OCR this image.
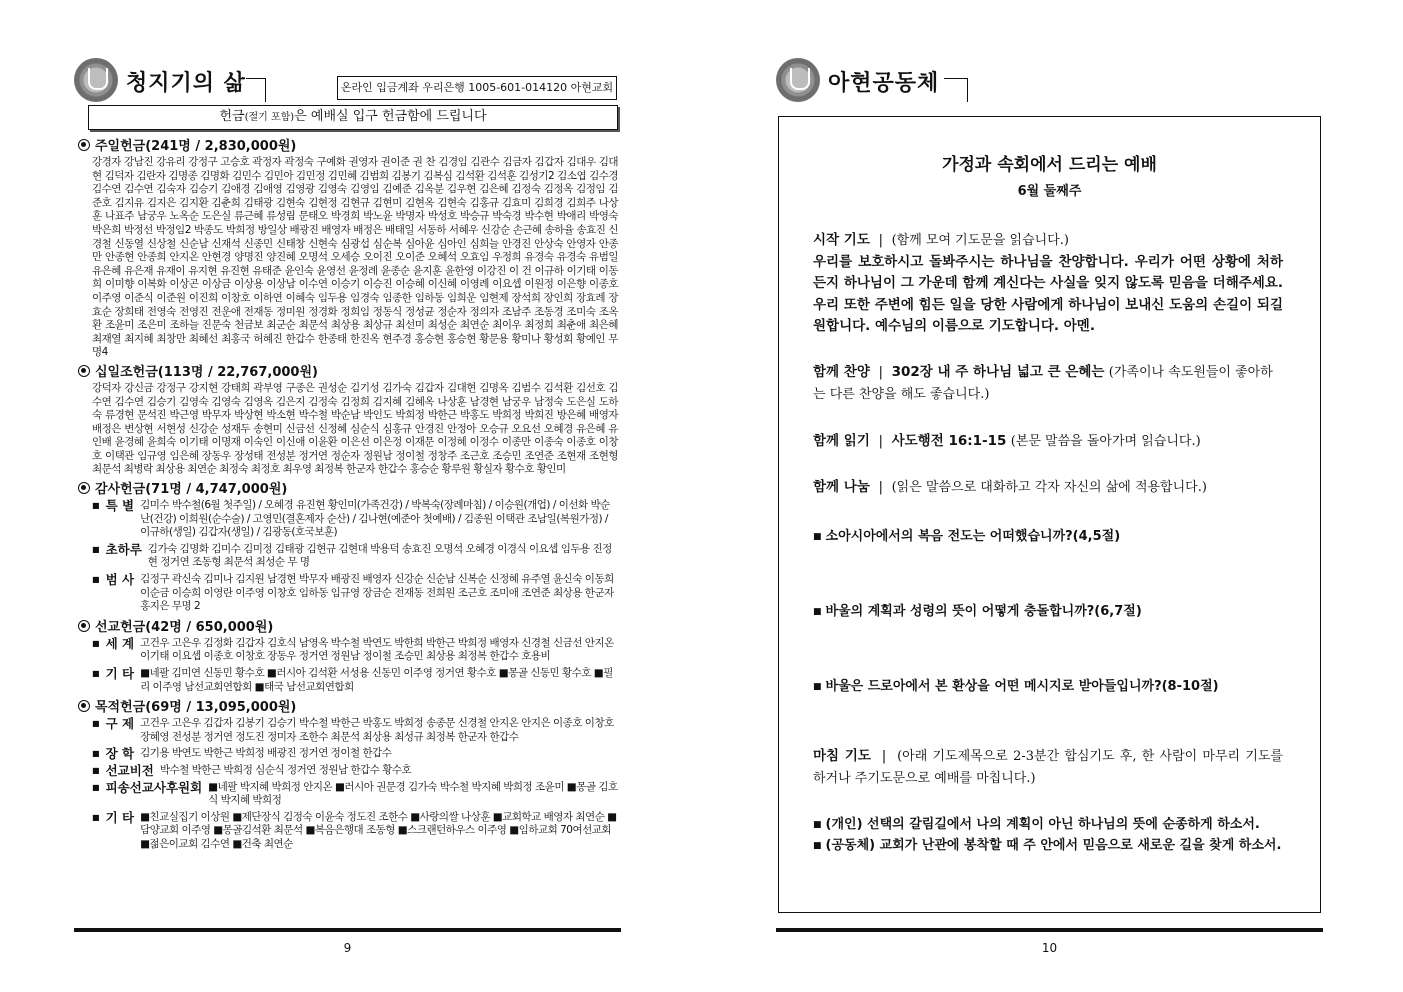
청지기의 삶	온라인 입금계좌 우리은행 1005-601-014120 아현교회
헌금(절기 포함)은 예배실 입구 헌금함에 드립니다
주일헌금(241명 / 2,830,000원)
강경자 강남진 강유리 강정구 고승호 곽정자 곽정숙 구예화 권영자 권이준 권 찬 김경임 김관수 김금자 김갑자 김대우 김대현 김덕자 김란자 김명종 김명화 김민수 김민아 김민정 김민혜 김범희 김봉기 김복심 김석환 김석훈 김성기2 김소엽 김수경 김수연 김수연 김숙자 김승기 김애경 김애영 김영광 김영숙 김영임 김예준 김옥분 김우현 김은혜 김정숙 김정옥 김정임 김준호 김지유 김지은 김지환 김춘희 김태광 김현숙 김현정 김현규 김현미 김현옥 김현숙 김홍규 김효미 김희경 김희주 나상훈 나표주 남궁우 노옥순 도은실 류근혜 류성림 문태오 박경희 박노윤 박명자 박성호 박승규 박숙경 박수현 박애리 박영숙 박은희 박정선 박정임2 박종도 박희정 방일상 배광진 배영자 배정은 배태일 서동하 서혜우 신강순 손근혜 송하율 송효진 신경철 신동열 신상철 신순남 신재석 신종민 신태창 신현숙 심광섭 심순복 심아윤 심아인 심희늘 안경진 안상숙 안영자 안종만 안종현 안종희 안지온 안현경 양명진 양진혜 오명석 오세승 오이진 오이준 오혜석 오효임 우정희 유경숙 유경숙 유범일 유은혜 유은재 유재이 유지현 유진현 유태준 윤인숙 윤영선 윤정례 윤종순 윤지훈 윤한영 이강진 이 건 이규하 이기태 이동희 이미향 이복화 이상곤 이상금 이상용 이상남 이수연 이승기 이승진 이승혜 이신혜 이영례 이요셉 이원정 이은향 이종호 이주영 이준식 이준원 이진희 이창호 이하연 이혜숙 임두용 임경숙 임종한 임하동 임희운 임현제 장석희 장인희 장효례 장효순 장희태 전영숙 전영진 전운애 전재동 정미원 정경화 정희임 정동식 정성균 정순자 정의자 조남주 조동경 조미숙 조옥환 조윤미 조은미 조하늘 진문숙 천금보 최군순 최문석 최상용 최상규 최선미 최성순 최연순 최이우 최정희 최춘애 최은혜 최재열 최지혜 최창만 최혜선 최홍국 허혜진 한갑수 한종태 한진옥 현주경 홍승현 홍승현 황문용 황미나 황성회 황예인 무명4
십일조헌금(113명 / 22,767,000원)
강덕자 강신금 강정구 강지현 강태희 곽부영 구종은 권성순 김기성 김가숙 김갑자 김대현 김명옥 김범수 김석환 김선호 김수연 김수연 김승기 김영숙 김영숙 김영옥 김은지 김정숙 김정희 김지혜 김혜옥 나상훈 남경현 남궁우 남정숙 도은실 도하숙 류경현 문석진 박근영 박무자 박상현 박소현 박수철 박순남 박인도 박희정 박한근 박홍도 박희정 박희진 방은혜 배영자 배정은 변상현 서현성 신강순 성재두 송현미 신금선 신정혜 심순식 심홍규 안경진 안정아 오승규 오요선 오혜경 유은혜 유인배 윤경혜 윤희숙 이기태 이명재 이숙인 이신애 이윤환 이은선 이은정 이재문 이정혜 이정수 이종만 이종숙 이종호 이창호 이택관 임규영 임은혜 장동우 장성태 전성분 정거연 정순자 정원남 정이철 정창주 조근호 조승민 조연준 조현재 조현형 최문석 최병락 최상용 최연순 최정숙 최정호 최우영 최정복 한군자 한갑수 홍승순 황루원 황실자 황수호 황인미
감사헌금(71명 / 4,747,000원)
■ 특 별 김미수 박수철(6월 첫주일) / 오혜경 유진현 황인미(가족건강) / 박복숙(장례마침) / 이승원(개업) / 이선화 박순난(건강) 이희원(순수술) / 고영민(결혼제자 순산) / 김나현(예준아 첫예배) / 김종원 이택관 조남일(복원가정) / 이규하(생일) 김갑자(생일) / 김광동(호국보훈)
■ 초하루 김가숙 김명화 김미수 김미정 김태광 김현규 김현대 박용덕 송효진 오명석 오혜경 이경식 이요셉 임두용 진정현 정거연 조동형 최문석 최성순 무 명
■ 범 사 김정구 곽신숙 김미나 김지원 남경현 박무자 배광진 배영자 신강순 신순남 신복순 신정혜 유주열 윤신숙 이동희 이순금 이승희 이영란 이주영 이창호 임하동 임규영 장금순 전재동 전희원 조근호 조미애 조연준 최상용 한군자 홍지은 무명 2
선교헌금(42명 / 650,000원)
■ 세 계 고건우 고은우 김정화 김갑자 김호식 남영옥 박수철 박연도 박한희 박한근 박희정 배영자 신경철 신금선 안지온 이기태 이요셉 이종호 이창호 장동우 정거연 정원남 정이철 조승민 최상용 최정복 한갑수 호용비
■ 기 타 ■네팔 김미연 신동민 황수호 ■러시아 김석환 서성용 신동민 이주영 정거연 황수호 ■몽골 신동민 황수호 ■필리 이주영 남선교회연합회 ■태국 남선교회연합회
목적헌금(69명 / 13,095,000원)
■ 구 제 고건우 고은우 김갑자 김봉기 김승기 박수철 박한근 박홍도 박희정 송종문 신경철 안지온 안지은 이종호 이창호 장혜영 전성분 정거연 정도진 정미자 조한수 최문석 최상용 최성규 최정복 한군자 한갑수
■ 장 학 김기용 박연도 박한근 박희정 배광진 정거연 정이철 한갑수
■ 선교비전 박수철 박한근 박희정 심순식 정거연 정원남 한갑수 황수호
■ 피송선교사후원회 ■네팔 박지혜 박희정 안지온 ■러시아 권문경 김가숙 박수철 박지혜 박희정 조윤미 ■몽골 김호식 박지혜 박희정
■ 기 타 ■친교실집기 이상원 ■제단장식 김정숙 이윤숙 정도진 조한수 ■사랑의쌀 나상훈 ■교회학교 배영자 최연순 ■담양교회 이주영 ■몽골김석환 최문석 ■복음은행대 조동형 ■스크랜턴하우스 이주영 ■임하교회 70여선교회 ■젊은이교회 김수연 ■건축 최연순
9
아현공동체
가정과 속회에서 드리는 예배
6월 둘째주
시작 기도  |  (함께 모여 기도문을 읽습니다.)
우리를 보호하시고 돌봐주시는 하나님을 찬양합니다. 우리가 어떤 상황에 처하든지 하나님이 그 가운데 함께 계신다는 사실을 잊지 않도록 믿음을 더해주세요. 우리 또한 주변에 힘든 일을 당한 사람에게 하나님이 보내신 도움의 손길이 되길 원합니다. 예수님의 이름으로 기도합니다. 아멘.
함께 찬양  |  302장 내 주 하나님 넓고 큰 은혜는 (가족이나 속도원들이 좋아하는 다른 찬양을 해도 좋습니다.)
함께 읽기  |  사도행전 16:1-15 (본문 말씀을 돌아가며 읽습니다.)
함께 나눔  |  (읽은 말씀으로 대화하고 각자 자신의 삶에 적용합니다.)
■ 소아시아에서의 복음 전도는 어떠했습니까?(4,5절)
■ 바울의 계획과 성령의 뜻이 어떻게 충돌합니까?(6,7절)
■ 바울은 드로아에서 본 환상을 어떤 메시지로 받아들입니까?(8-10절)
마침 기도  |  (아래 기도제목으로 2-3분간 합심기도 후, 한 사람이 마무리 기도를 하거나 주기도문으로 예배를 마칩니다.)
■ (개인) 선택의 갈림길에서 나의 계획이 아닌 하나님의 뜻에 순종하게 하소서.
■ (공동체) 교회가 난관에 봉착할 때 주 안에서 믿음으로 새로운 길을 찾게 하소서.
10
